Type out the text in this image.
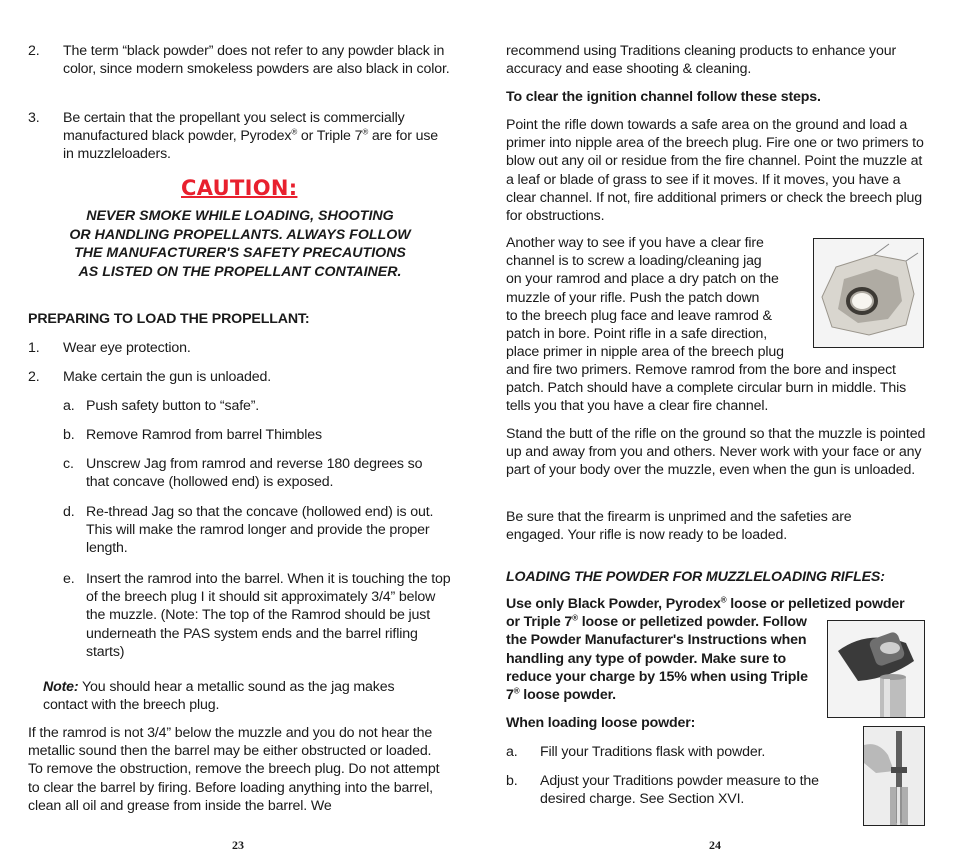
2. The term “black powder” does not refer to any powder black in color, since modern smokeless powders are also black in color.
3. Be certain that the propellant you select is commercially manufactured black powder, Pyrodex® or Triple 7® are for use in muzzleloaders.
CAUTION:
NEVER SMOKE WHILE LOADING, SHOOTING
OR HANDLING PROPELLANTS. ALWAYS FOLLOW
THE MANUFACTURER'S SAFETY PRECAUTIONS
AS LISTED ON THE PROPELLANT CONTAINER.
PREPARING TO LOAD THE PROPELLANT:
1. Wear eye protection.
2. Make certain the gun is unloaded.
a. Push safety button to “safe”.
b. Remove Ramrod from barrel Thimbles
c. Unscrew Jag from ramrod and reverse 180 degrees so that concave (hollowed end) is exposed.
d. Re-thread Jag so that the concave (hollowed end) is out. This will make the ramrod longer and provide the proper length.
e. Insert the ramrod into the barrel. When it is touching the top of the breech plug I it should sit approximately 3/4” below the muzzle. (Note: The top of the Ramrod should be just underneath the PAS system ends and the barrel rifling starts)
Note: You should hear a metallic sound as the jag makes contact with the breech plug.
If the ramrod is not 3/4” below the muzzle and you do not hear the metallic sound then the barrel may be either obstructed or loaded. To remove the obstruction, remove the breech plug. Do not attempt to clear the barrel by firing. Before loading anything into the barrel, clean all oil and grease from inside the barrel. We
23
recommend using Traditions cleaning products to enhance your accuracy and ease shooting & cleaning.
To clear the ignition channel follow these steps.
Point the rifle down towards a safe area on the ground and load a primer into nipple area of the breech plug. Fire one or two primers to blow out any oil or residue from the fire channel. Point the muzzle at a leaf or blade of grass to see if it moves. If it moves, you have a clear channel. If not, fire additional primers or check the breech plug for obstructions.
Another way to see if you have a clear fire
channel is to screw a loading/cleaning jag
on your ramrod and place a dry patch on the
muzzle of your rifle. Push the patch down
to the breech plug face and leave ramrod &
patch in bore. Point rifle in a safe direction,
place primer in nipple area of the breech plug
and fire two primers. Remove ramrod from the bore and inspect patch. Patch should have a complete circular burn in middle. This tells you that you have a clear fire channel.
Stand the butt of the rifle on the ground so that the muzzle is pointed up and away from you and others. Never work with your face or any part of your body over the muzzle, even when the gun is unloaded.
Be sure that the firearm is unprimed and the safeties are engaged. Your rifle is now ready to be loaded.
LOADING THE POWDER FOR MUZZLELOADING RIFLES:
Use only Black Powder, Pyrodex® loose or pelletized powder
or Triple 7® loose or pelletized powder. Follow
the Powder Manufacturer's Instructions when
handling any type of powder. Make sure to
reduce your charge by 15% when using Triple
7® loose powder.
When loading loose powder:
a. Fill your Traditions flask with powder.
b. Adjust your Traditions powder measure to the desired charge. See Section XVI.
24
